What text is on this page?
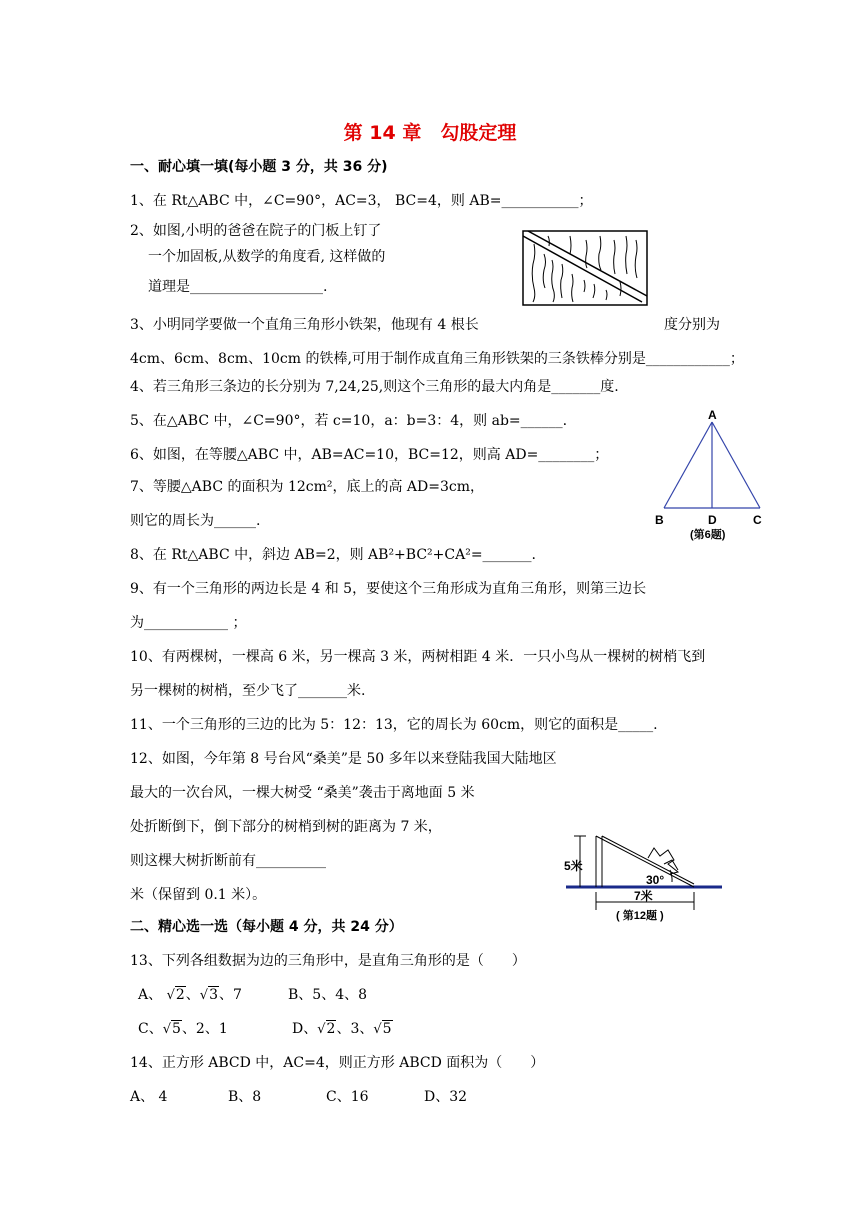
第 14 章　勾股定理
一、耐心填一填(每小题 3 分，共 36 分)
1、在 Rt△ABC 中，∠C=90°，AC=3， BC=4，则 AB=___________；
2、如图,小明的爸爸在院子的门板上钉了
一个加固板,从数学的角度看, 这样做的
道理是___________________.
3、小明同学要做一个直角三角形小铁架，他现有 4 根长	度分别为
4cm、6cm、8cm、10cm 的铁棒,可用于制作成直角三角形铁架的三条铁棒分别是____________；
4、若三角形三条边的长分别为 7,24,25,则这个三角形的最大内角是_______度.
5、在△ABC 中，∠C=90°，若 c=10，a：b=3：4，则 ab=______.
6、如图，在等腰△ABC 中，AB=AC=10，BC=12，则高 AD=________；
A
B	D	C
(第6题)
7、等腰△ABC 的面积为 12cm²，底上的高 AD=3cm，
则它的周长为______.
8、在 Rt△ABC 中，斜边 AB=2，则 AB²+BC²+CA²=_______.
9、有一个三角形的两边长是 4 和 5，要使这个三角形成为直角三角形，则第三边长
为____________ ；
10、有两棵树，一棵高 6 米，另一棵高 3 米，两树相距 4 米．一只小鸟从一棵树的树梢飞到
另一棵树的树梢，至少飞了_______米.
11、一个三角形的三边的比为 5：12：13，它的周长为 60cm，则它的面积是_____.
12、如图，今年第 8 号台风“桑美”是 50 多年以来登陆我国大陆地区
最大的一次台风，一棵大树受 “桑美”袭击于离地面 5 米
处折断倒下，倒下部分的树梢到树的距离为 7 米，
则这棵大树折断前有__________
米（保留到 0.1 米）。
5米
30°
7米
( 第12题 )
二、精心选一选（每小题 4 分，共 24 分）
13、下列各组数据为边的三角形中，是直角三角形的是（　　）
A、 √2、√3、7	B、5、4、8
C、√5、2、1	D、√2、3、√5
14、正方形 ABCD 中，AC=4，则正方形 ABCD 面积为（　　）
A、 4	B、8	C、16	D、32
